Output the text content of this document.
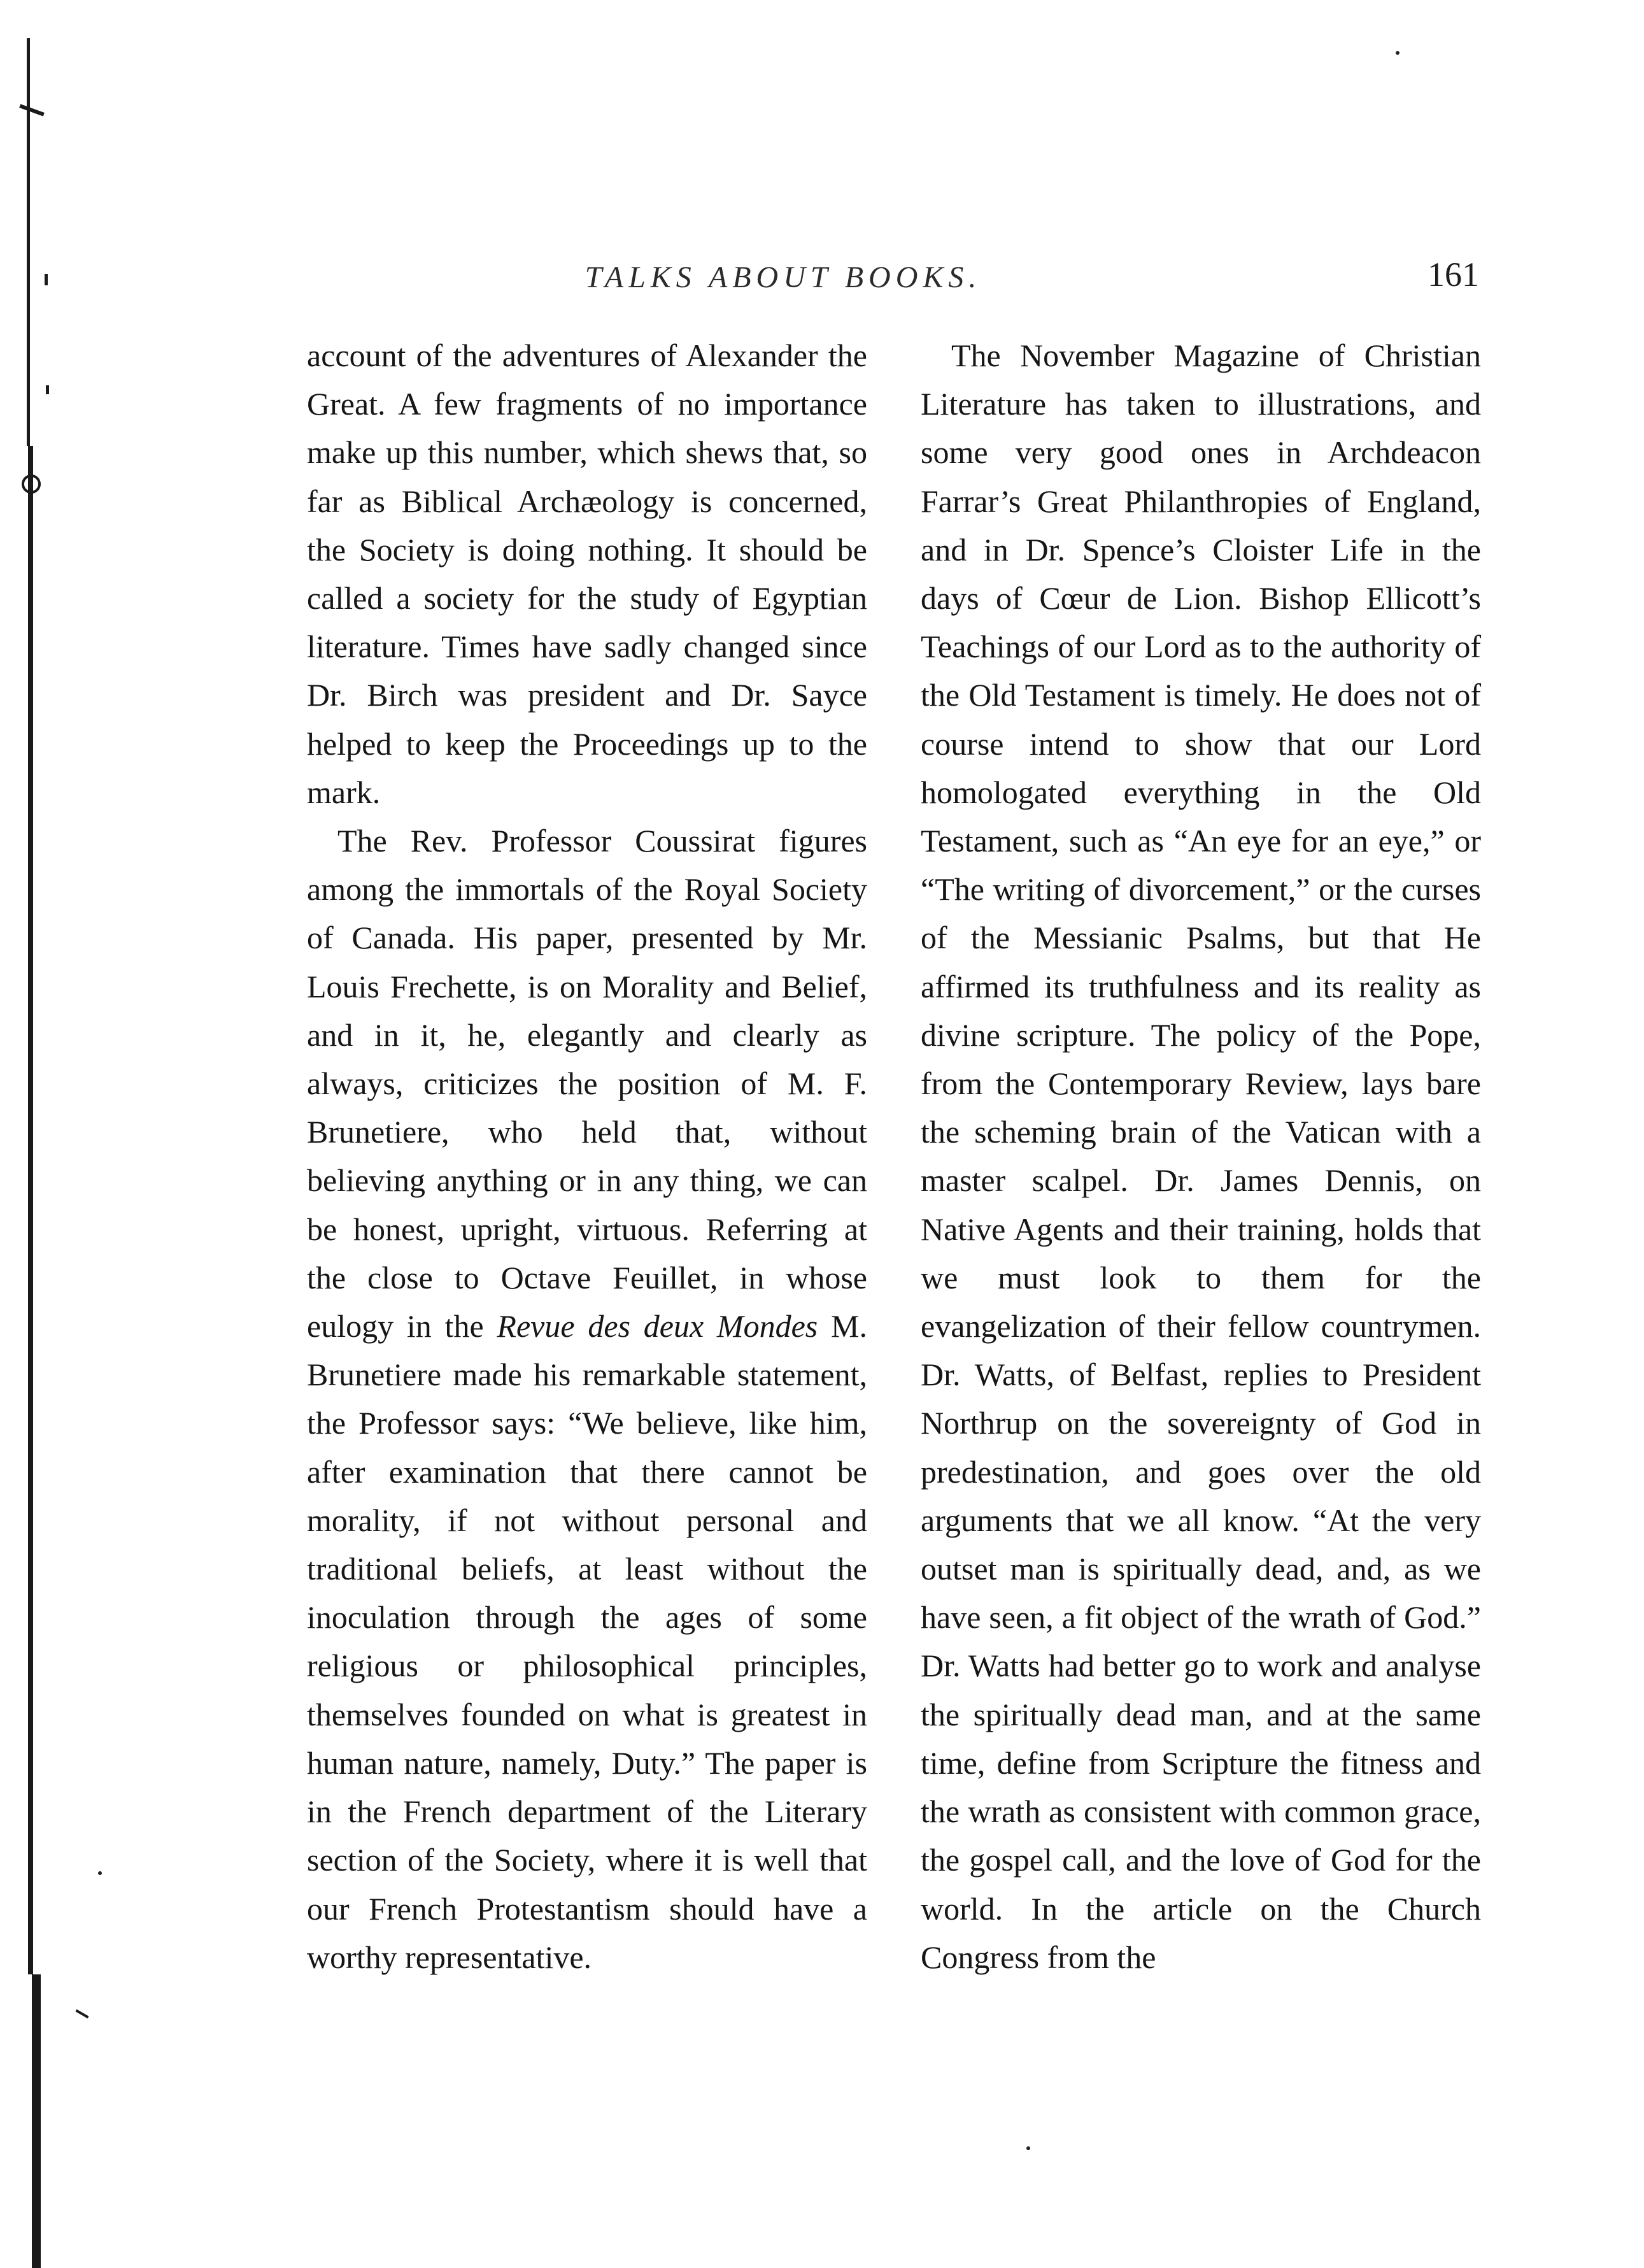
TALKS ABOUT BOOKS.	161

account of the adventures of Alexander the Great. A few fragments of no importance make up this number, which shews that, so far as Biblical Archæology is concerned, the Society is doing nothing. It should be called a society for the study of Egyptian literature. Times have sadly changed since Dr. Birch was president and Dr. Sayce helped to keep the Proceedings up to the mark.

The Rev. Professor Coussirat figures among the immortals of the Royal Society of Canada. His paper, presented by Mr. Louis Frechette, is on Morality and Belief, and in it, he, elegantly and clearly as always, criticizes the position of M. F. Brunetiere, who held that, without believing anything or in any thing, we can be honest, upright, virtuous. Referring at the close to Octave Feuillet, in whose eulogy in the Revue des deux Mondes M. Brunetiere made his remarkable statement, the Professor says: “We believe, like him, after examination that there cannot be morality, if not without personal and traditional beliefs, at least without the inoculation through the ages of some religious or philosophical principles, themselves founded on what is greatest in human nature, namely, Duty.” The paper is in the French department of the Literary section of the Society, where it is well that our French Protestantism should have a worthy representative.

The November Magazine of Christian Literature has taken to illustrations, and some very good ones in Archdeacon Farrar’s Great Philanthropies of England, and in Dr. Spence’s Cloister Life in the days of Cœur de Lion. Bishop Ellicott’s Teachings of our Lord as to the authority of the Old Testament is timely. He does not of course intend to show that our Lord homologated everything in the Old Testament, such as “An eye for an eye,” or “The writing of divorcement,” or the curses of the Messianic Psalms, but that He affirmed its truthfulness and its reality as divine scripture. The policy of the Pope, from the Contemporary Review, lays bare the scheming brain of the Vatican with a master scalpel. Dr. James Dennis, on Native Agents and their training, holds that we must look to them for the evangelization of their fellow countrymen. Dr. Watts, of Belfast, replies to President Northrup on the sovereignty of God in predestination, and goes over the old arguments that we all know. “At the very outset man is spiritually dead, and, as we have seen, a fit object of the wrath of God.” Dr. Watts had better go to work and analyse the spiritually dead man, and at the same time, define from Scripture the fitness and the wrath as consistent with common grace, the gospel call, and the love of God for the world. In the article on the Church Congress from the
